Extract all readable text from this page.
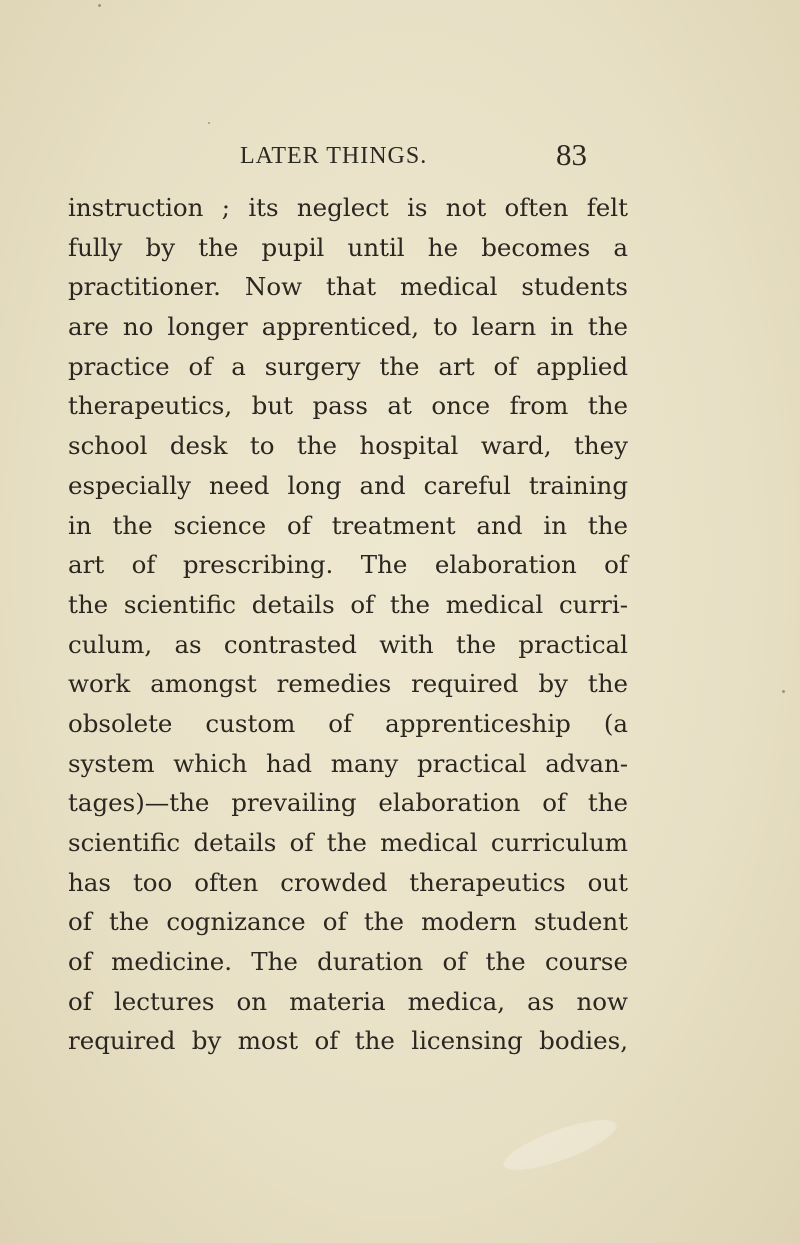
LATER THINGS.	83
instruction ; its neglect is not often felt
fully by the pupil until he becomes a
practitioner. Now that medical students
are no longer apprenticed, to learn in the
practice of a surgery the art of applied
therapeutics, but pass at once from the
school desk to the hospital ward, they
especially need long and careful training
in the science of treatment and in the
art of prescribing. The elaboration of
the scientific details of the medical curri-
culum, as contrasted with the practical
work amongst remedies required by the
obsolete custom of apprenticeship (a
system which had many practical advan-
tages)—the prevailing elaboration of the
scientific details of the medical curriculum
has too often crowded therapeutics out
of the cognizance of the modern student
of medicine. The duration of the course
of lectures on materia medica, as now
required by most of the licensing bodies,
